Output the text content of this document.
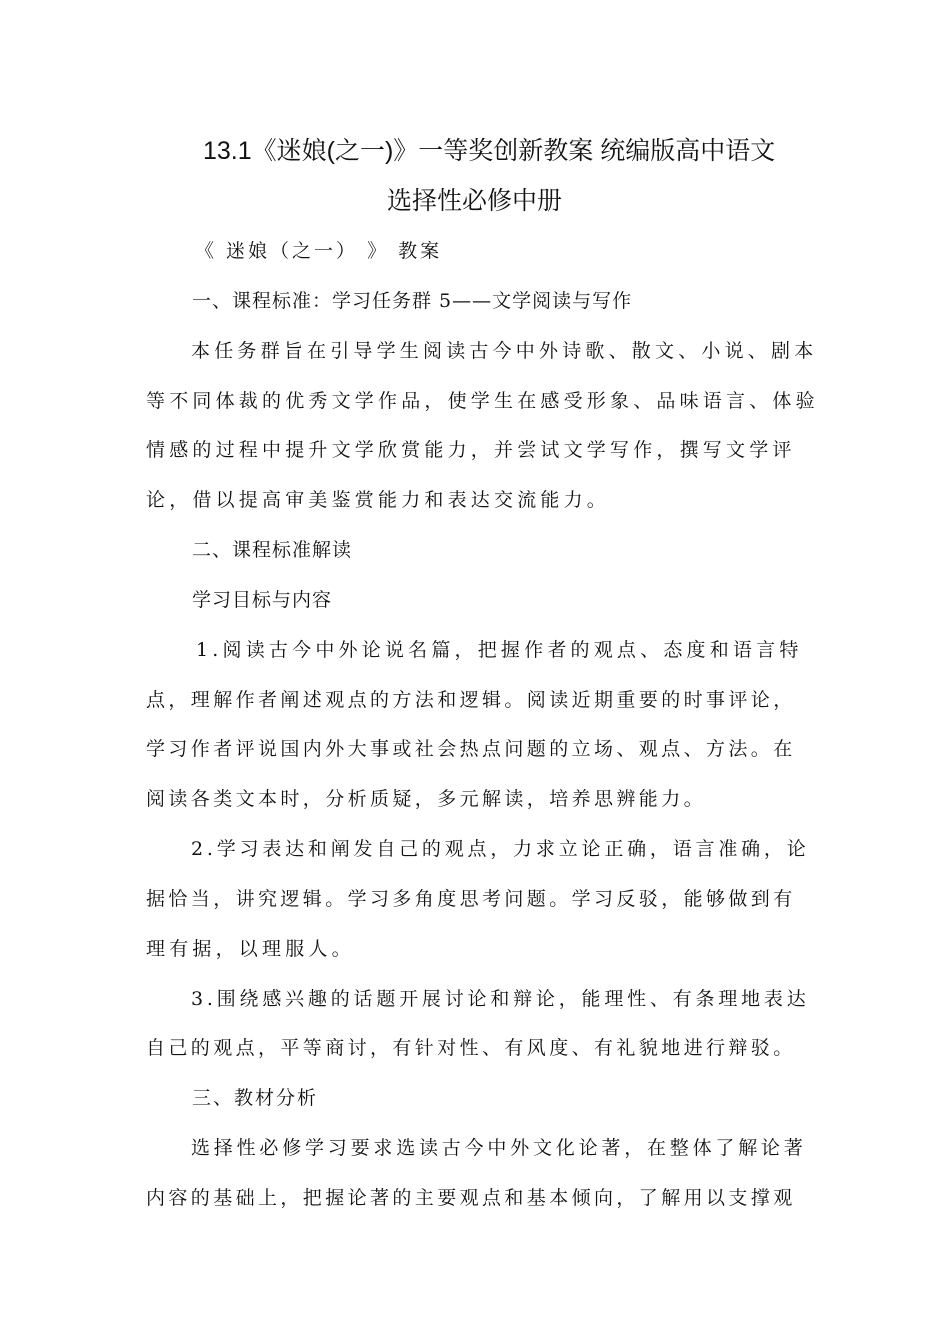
13.1《迷娘(之一)》一等奖创新教案 统编版高中语文
选择性必修中册
《 迷娘（之一） 》 教案
一、课程标准：学习任务群 5——文学阅读与写作
本任务群旨在引导学生阅读古今中外诗歌、散文、小说、剧本
等不同体裁的优秀文学作品，使学生在感受形象、品味语言、体验
情感的过程中提升文学欣赏能力，并尝试文学写作，撰写文学评
论，借以提高审美鉴赏能力和表达交流能力。
二、课程标准解读
学习目标与内容
1.阅读古今中外论说名篇，把握作者的观点、态度和语言特
点，理解作者阐述观点的方法和逻辑。阅读近期重要的时事评论，
学习作者评说国内外大事或社会热点问题的立场、观点、方法。在
阅读各类文本时，分析质疑，多元解读，培养思辨能力。
2.学习表达和阐发自己的观点，力求立论正确，语言准确，论
据恰当，讲究逻辑。学习多角度思考问题。学习反驳，能够做到有
理有据，以理服人。
3.围绕感兴趣的话题开展讨论和辩论，能理性、有条理地表达
自己的观点，平等商讨，有针对性、有风度、有礼貌地进行辩驳。
三、教材分析
选择性必修学习要求选读古今中外文化论著，在整体了解论著
内容的基础上，把握论著的主要观点和基本倾向，了解用以支撑观
